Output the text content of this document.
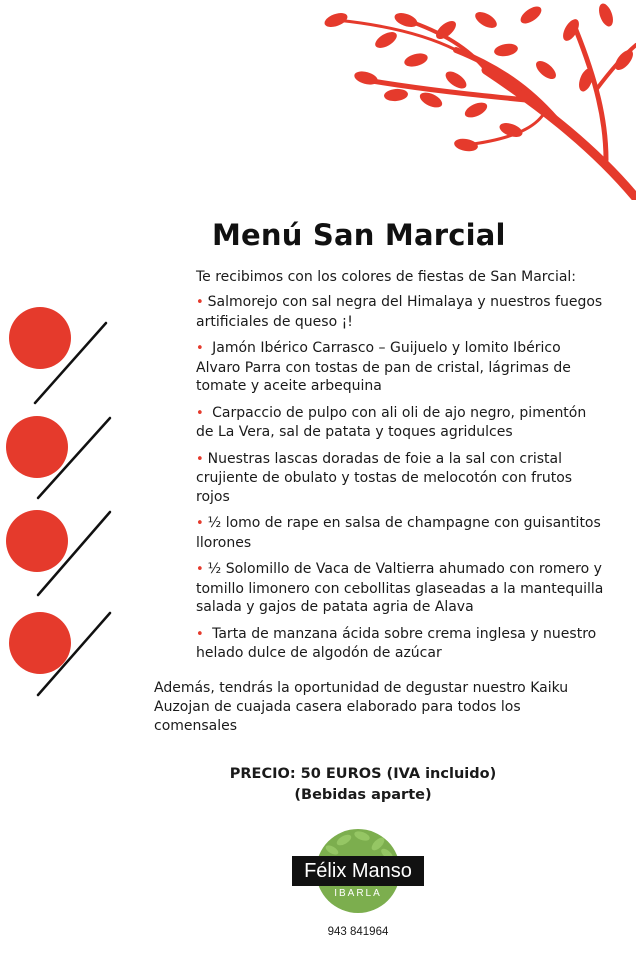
Menú San Marcial

Te recibimos con los colores de fiestas de San Marcial:

• Salmorejo con sal negra del Himalaya y nuestros fuegos artificiales de queso ¡!
• Jamón Ibérico Carrasco – Guijuelo y lomito Ibérico Alvaro Parra con tostas de pan de cristal, lágrimas de tomate y aceite arbequina
• Carpaccio de pulpo con ali oli de ajo negro, pimentón de La Vera, sal de patata y toques agridulces
• Nuestras lascas doradas de foie a la sal con cristal crujiente de obulato y tostas de melocotón con frutos rojos
• ½ lomo de rape en salsa de champagne con guisantitos llorones
• ½ Solomillo de Vaca de Valtierra ahumado con romero y tomillo limonero con cebollitas glaseadas a la mantequilla salada y gajos de patata agria de Alava
• Tarta de manzana ácida sobre crema inglesa y nuestro helado dulce de algodón de azúcar

Además, tendrás la oportunidad de degustar nuestro Kaiku Auzojan de cuajada casera elaborado para todos los comensales

PRECIO: 50 EUROS (IVA incluido)
(Bebidas aparte)
Félix Manso
IBARLA
943 841964
